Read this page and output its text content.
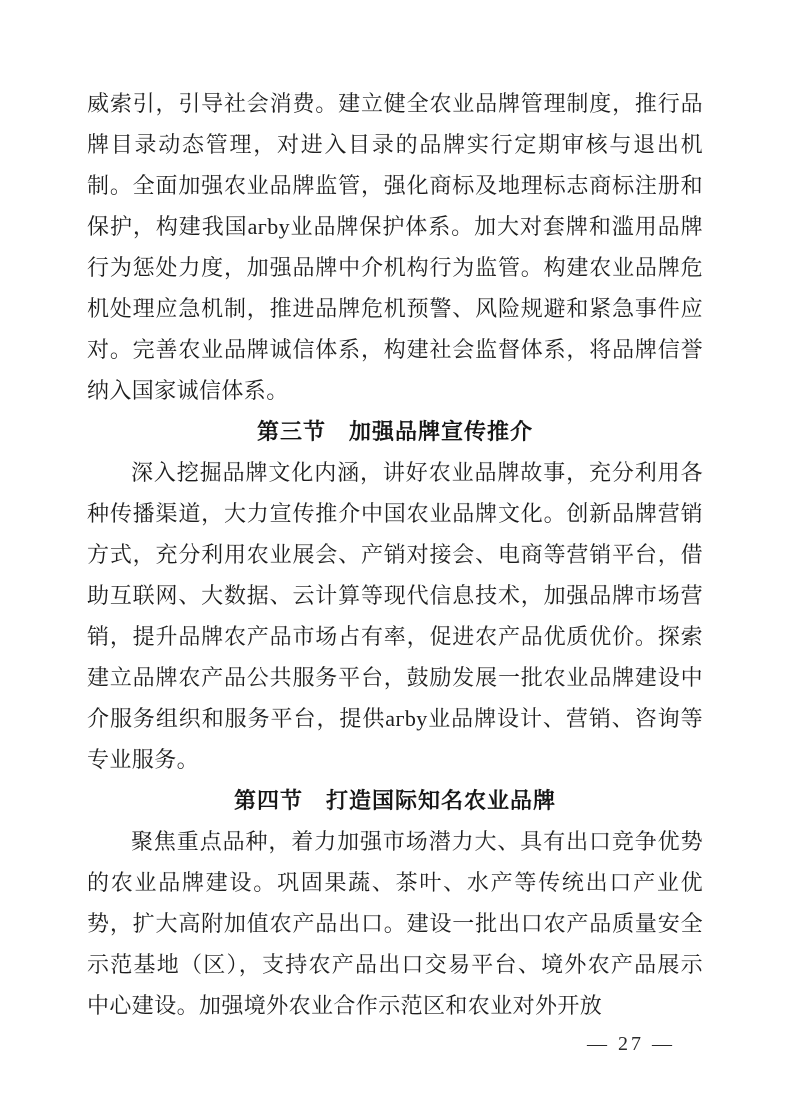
威索引，引导社会消费。建立健全农业品牌管理制度，推行品牌目录动态管理，对进入目录的品牌实行定期审核与退出机制。全面加强农业品牌监管，强化商标及地理标志商标注册和保护，构建我国агby业品牌保护体系。加大对套牌和滥用品牌行为惩处力度，加强品牌中介机构行为监管。构建农业品牌危机处理应急机制，推进品牌危机预警、风险规避和紧急事件应对。完善农业品牌诚信体系，构建社会监督体系，将品牌信誉纳入国家诚信体系。

第三节　加强品牌宣传推介

深入挖掘品牌文化内涵，讲好农业品牌故事，充分利用各种传播渠道，大力宣传推介中国农业品牌文化。创新品牌营销方式，充分利用农业展会、产销对接会、电商等营销平台，借助互联网、大数据、云计算等现代信息技术，加强品牌市场营销，提升品牌农产品市场占有率，促进农产品优质优价。探索建立品牌农产品公共服务平台，鼓励发展一批农业品牌建设中介服务组织和服务平台，提供агby业品牌设计、营销、咨询等专业服务。

第四节　打造国际知名农业品牌

聚焦重点品种，着力加强市场潜力大、具有出口竞争优势的农业品牌建设。巩固果蔬、茶叶、水产等传统出口产业优势，扩大高附加值农产品出口。建设一批出口农产品质量安全示范基地（区），支持农产品出口交易平台、境外农产品展示中心建设。加强境外农业合作示范区和农业对外开放

— 27 —
